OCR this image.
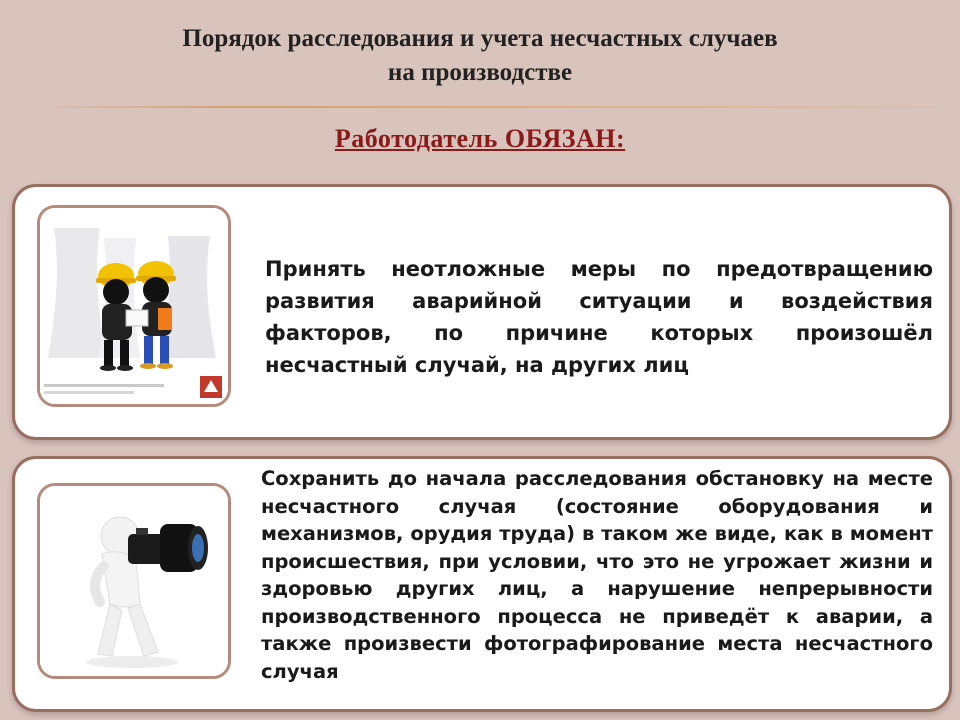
Порядок расследования и учета несчастных случаев
на производстве
Работодатель ОБЯЗАН:
Принять неотложные меры по предотвращению развития аварийной ситуации и воздействия факторов, по причине которых произошёл несчастный случай, на других лиц
Сохранить до начала расследования обстановку на месте несчастного случая (состояние оборудования и механизмов, орудия труда) в таком же виде, как в момент происшествия, при условии, что это не угрожает жизни и здоровью других лиц, а нарушение непрерывности производственного процесса не приведёт к аварии, а также произвести фотографирование места несчастного случая
